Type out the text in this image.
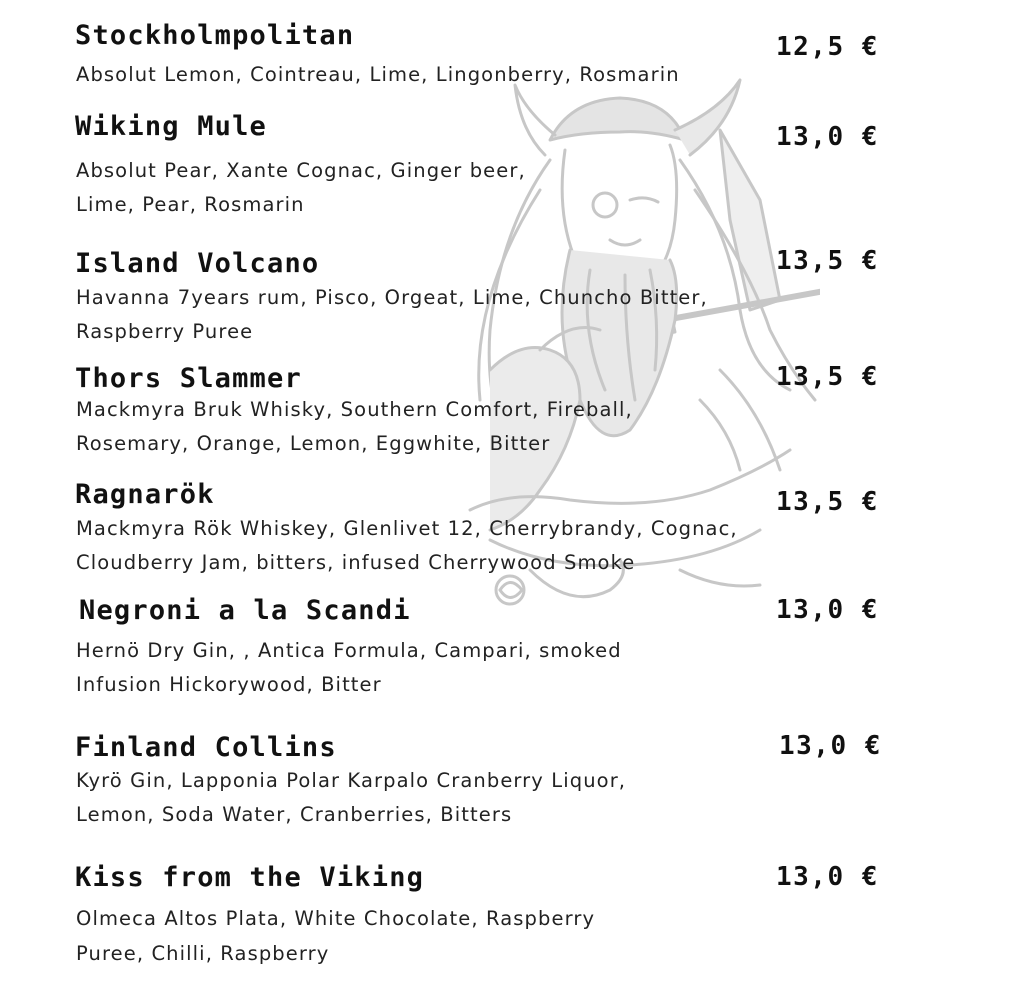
Stockholmpolitan	12,5 €
Absolut Lemon, Cointreau, Lime, Lingonberry, Rosmarin
Wiking Mule	13,0 €
Absolut Pear, Xante Cognac, Ginger beer,
Lime, Pear, Rosmarin
Island Volcano	13,5 €
Havanna 7years rum, Pisco, Orgeat, Lime, Chuncho Bitter,
Raspberry Puree
Thors Slammer	13,5 €
Mackmyra Bruk Whisky, Southern Comfort, Fireball,
Rosemary, Orange, Lemon, Eggwhite, Bitter
Ragnarök	13,5 €
Mackmyra Rök Whiskey, Glenlivet 12, Cherrybrandy, Cognac,
Cloudberry Jam, bitters, infused Cherrywood Smoke
Negroni a la Scandi	13,0 €
Hernö Dry Gin, , Antica Formula, Campari, smoked
Infusion Hickorywood, Bitter
Finland Collins	13,0 €
Kyrö Gin, Lapponia Polar Karpalo Cranberry Liquor,
Lemon, Soda Water, Cranberries, Bitters
Kiss from the Viking	13,0 €
Olmeca Altos Plata, White Chocolate, Raspberry
Puree, Chilli, Raspberry
